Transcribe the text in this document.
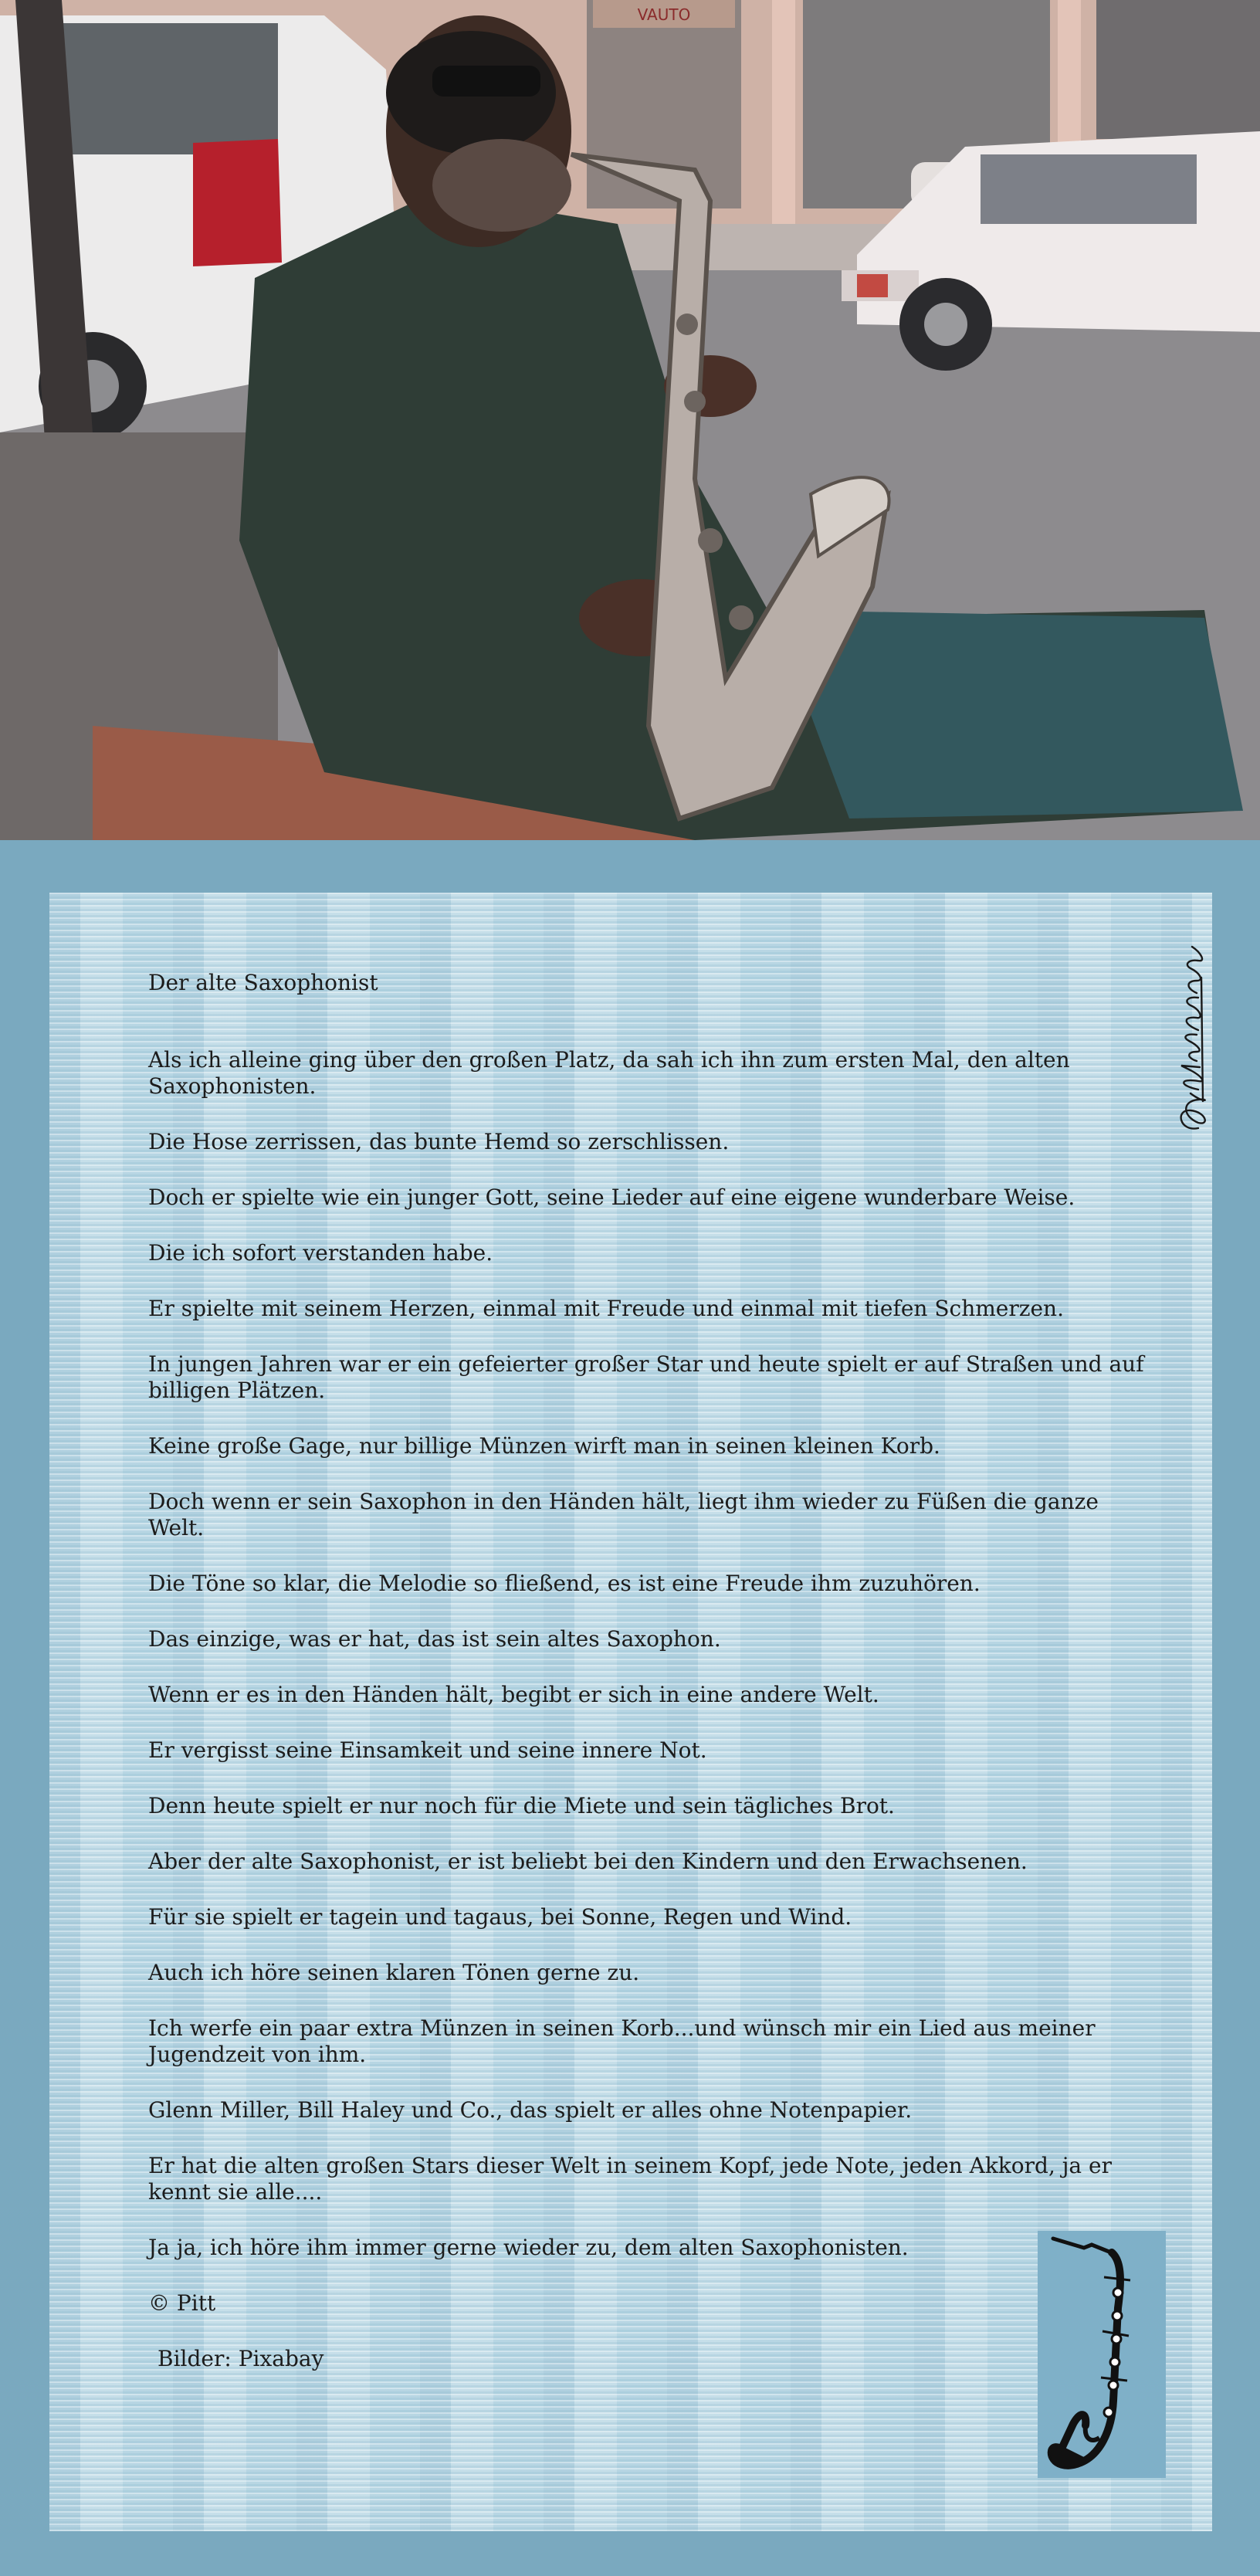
VAUTO

Der alte Saxophonist

Als ich alleine ging über den großen Platz, da sah ich ihn zum ersten Mal, den alten Saxophonisten.

Die Hose zerrissen, das bunte Hemd so zerschlissen.

Doch er spielte wie ein junger Gott, seine Lieder auf eine eigene wunderbare Weise.

Die ich sofort verstanden habe.

Er spielte mit seinem Herzen, einmal mit Freude und einmal mit tiefen Schmerzen.

In jungen Jahren war er ein gefeierter großer Star und heute spielt er auf Straßen und auf billigen Plätzen.

Keine große Gage, nur billige Münzen wirft man in seinen kleinen Korb.

Doch wenn er sein Saxophon in den Händen hält, liegt ihm wieder zu Füßen die ganze Welt.

Die Töne so klar, die Melodie so fließend, es ist eine Freude ihm zuzuhören.

Das einzige, was er hat, das ist sein altes Saxophon.

Wenn er es in den Händen hält, begibt er sich in eine andere Welt.

Er vergisst seine Einsamkeit und seine innere Not.

Denn heute spielt er nur noch für die Miete und sein tägliches Brot.

Aber der alte Saxophonist, er ist beliebt bei den Kindern und den Erwachsenen.

Für sie spielt er tagein und tagaus, bei Sonne, Regen und Wind.

Auch ich höre seinen klaren Tönen gerne zu.

Ich werfe ein paar extra Münzen in seinen Korb...und wünsch mir ein Lied aus meiner Jugendzeit von ihm.

Glenn Miller, Bill Haley und Co., das spielt er alles ohne Notenpapier.

Er hat die alten großen Stars dieser Welt in seinem Kopf, jede Note, jeden Akkord, ja er kennt sie alle....

Ja ja, ich höre ihm immer gerne wieder zu, dem alten Saxophonisten.

© Pitt

Bilder: Pixabay
